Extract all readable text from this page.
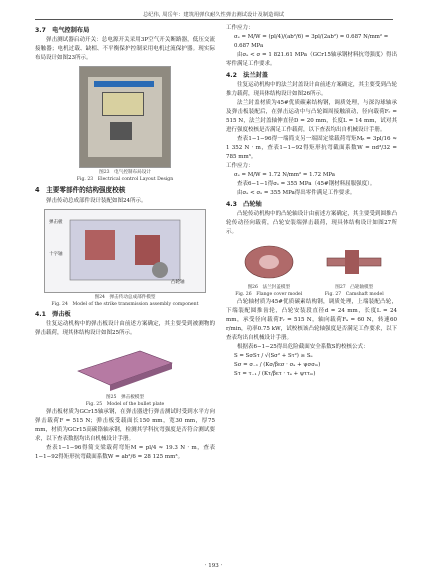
总纪伟, 周岳年：建筑用弹仪耐久性弹击测试设计及制造调试
3.7　电气控制布局

弹击测试器启动开关：总电源开关采用3P空气开关断路器，低压交流接触器；电机过载、缺相、不平衡保护控制采用电机过流保护器。现实际布局设计如图23所示。

图23　电气控制布局设计
Fig. 23　Electrical control Layout Design
4　主要零部件的结构强度校核

弹击传动总成部件设计装配如图24所示。

弹击板
十字轴
凸轮轴
图24　弹击传动总成部件模型
Fig. 24　Model of the strike transmission assembly component
4.1　弹击板

往复运动机构中的弹击板设计由前述方案确定，其主要受到被测物的弹击载荷，现其体结构设计如图25所示。

图25　弹击板模型
Fig. 25　Model of the bullet plate

弹击板材质为GCr15轴承钢，在弹击器进行弹击测试时受到水平方向弹击载荷F = 515 N；弹击板受载面长150 mm，宽30 mm，厚75 mm，材质为GCr15高碳铬轴承钢，检测其学科抗弯强度是否符合测试要求，以下查表数据均出自机械设计手册。

查表1−1−96得简支梁载荷弯矩M = pl/4 ≈ 19.3 N · m，查表1−1−92得矩形抗弯截面系数W = ab²/6 = 28 125 mm³。

工作应力：
σₑ = M/W = (pl/4)/(ab²/6) = 3pl/(2ab²) = 0.687 N/mm² = 0.687 MPa

由σₑ < σ = 1 821.61 MPa（GCr15轴承钢材料抗弯强度）得出零件满足工作要求。

4.2　法兰封盖

往复运动机构中的法兰封盖设计由前述方案确定，其主要受到凸轮推力载荷，现具体结构设计如图26所示。

法兰封盖材质为45#优质碳素结构钢，调质处理，与深沟球轴承及弹击板装配后，在弹击运动中与凸轮圆周接触滚动，径向载荷Fᵣ = 515 N，法兰封盖轴伸直径D = 20 mm，长度L = 14 mm，试对其进行强度校核是否满足工作载荷，以下查表均出自机械设计手册。

查表1−1−96得一端简支另一端固定梁载荷弯矩Mᵦ = 3pl/16 ≈ 1 352 N · m，查表1−1−92得矩形抗弯截面系数W = πd³/32 = 785 mm³。

工作应力：
σₑ = M/W = 1.72 N/mm² = 1.72 MPa

查表6−1−1得σₛ = 355 MPa（45#钢材料屈服强度）。

由σₑ < σₛ = 355 MPa得出零件满足工作要求。

4.3　凸轮轴

凸轮传动机构中的凸轮轴设计由前述方案确定，其主要受到圆推凸轮传动径向载荷，凸轮安装端弹击载荷，现具体结构设计如图27所示。

图26　法兰封盖模型
Fig. 26　Flange cover model
图27　凸轮轴模型
Fig. 27　Camshaft model

凸轮轴材质为45#优质碳素结构钢，调质处理，上端装配凸轮，下端装配圆推齿轮，凸轮安装段直径d = 24 mm，长度L = 24 mm，承受径向载荷Fᵣ = 515 N，轴向载荷Fₐ = 60 N，转速60 r/min，功率0.75 kW，试校核该凸轮轴强度是否满足工作要求，以下查表均出自机械设计手册。

根据表6−1−25得出危险截面安全系数S的校核公式：

S = SσSτ / √(Sσ² + Sτ²) ≥ Sₑ
Sσ = σ₋₁ / (Kσ/βεσ · σₐ + ψσσₘ)
Sτ = τ₋₁ / (Kτ/βετ · τₐ + ψττₘ)
· 193 ·
